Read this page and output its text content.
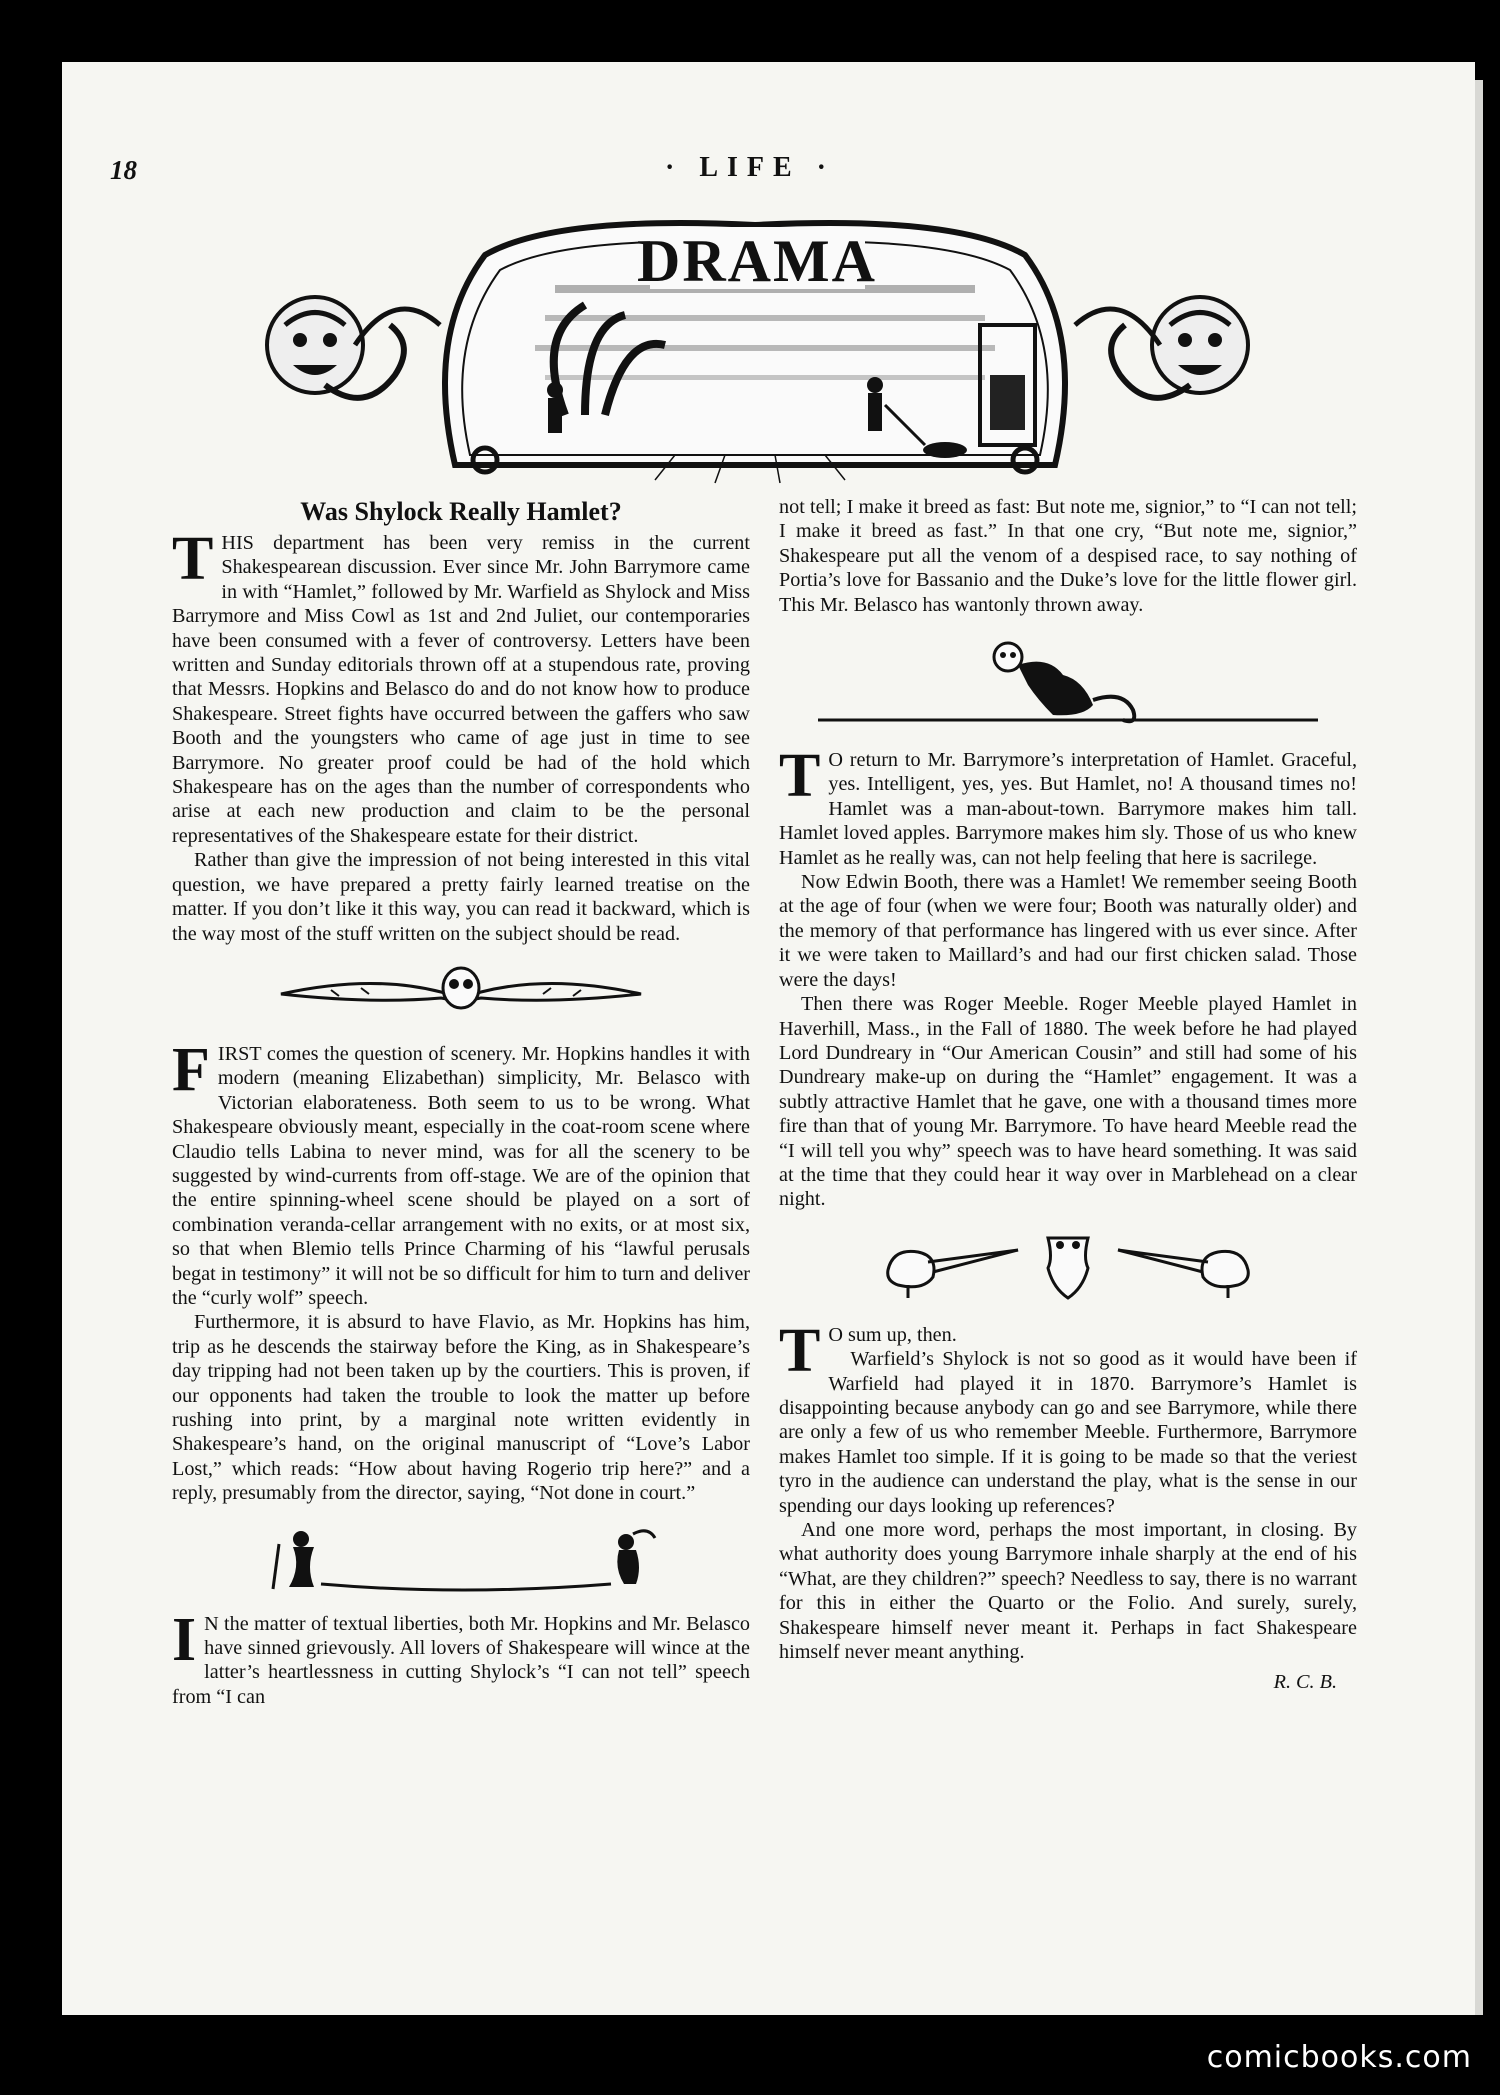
18	· LIFE ·
DRAMA
Was Shylock Really Hamlet?

THIS department has been very remiss in the current Shakespearean discussion. Ever since Mr. John Barrymore came in with “Hamlet,” followed by Mr. Warfield as Shylock and Miss Barrymore and Miss Cowl as 1st and 2nd Juliet, our contemporaries have been consumed with a fever of controversy. Letters have been written and Sunday editorials thrown off at a stupendous rate, proving that Messrs. Hopkins and Belasco do and do not know how to produce Shakespeare. Street fights have occurred between the gaffers who saw Booth and the youngsters who came of age just in time to see Barrymore. No greater proof could be had of the hold which Shakespeare has on the ages than the number of correspondents who arise at each new production and claim to be the personal representatives of the Shakespeare estate for their district.

Rather than give the impression of not being interested in this vital question, we have prepared a pretty fairly learned treatise on the matter. If you don’t like it this way, you can read it backward, which is the way most of the stuff written on the subject should be read.

FIRST comes the question of scenery. Mr. Hopkins handles it with modern (meaning Elizabethan) simplicity, Mr. Belasco with Victorian elaborateness. Both seem to us to be wrong. What Shakespeare obviously meant, especially in the coat-room scene where Claudio tells Labina to never mind, was for all the scenery to be suggested by wind-currents from off-stage. We are of the opinion that the entire spinning-wheel scene should be played on a sort of combination veranda-cellar arrangement with no exits, or at most six, so that when Blemio tells Prince Charming of his “lawful perusals begat in testimony” it will not be so difficult for him to turn and deliver the “curly wolf” speech.

Furthermore, it is absurd to have Flavio, as Mr. Hopkins has him, trip as he descends the stairway before the King, as in Shakespeare’s day tripping had not been taken up by the courtiers. This is proven, if our opponents had taken the trouble to look the matter up before rushing into print, by a marginal note written evidently in Shakespeare’s hand, on the original manuscript of “Love’s Labor Lost,” which reads: “How about having Rogerio trip here?” and a reply, presumably from the director, saying, “Not done in court.”

I N the matter of textual liberties, both Mr. Hopkins and Mr. Belasco have sinned grievously. All lovers of Shakespeare will wince at the latter’s heartlessness in cutting Shylock’s “I can not tell” speech from “I can

not tell; I make it breed as fast: But note me, signior,” to “I can not tell; I make it breed as fast.” In that one cry, “But note me, signior,” Shakespeare put all the venom of a despised race, to say nothing of Portia’s love for Bassanio and the Duke’s love for the little flower girl. This Mr. Belasco has wantonly thrown away.

T O return to Mr. Barrymore’s interpretation of Hamlet. Graceful, yes. Intelligent, yes, yes. But Hamlet, no! A thousand times no! Hamlet was a man-about-town. Barrymore makes him tall. Hamlet loved apples. Barrymore makes him sly. Those of us who knew Hamlet as he really was, can not help feeling that here is sacrilege.

Now Edwin Booth, there was a Hamlet! We remember seeing Booth at the age of four (when we were four; Booth was naturally older) and the memory of that performance has lingered with us ever since. After it we were taken to Maillard’s and had our first chicken salad. Those were the days!

Then there was Roger Meeble. Roger Meeble played Hamlet in Haverhill, Mass., in the Fall of 1880. The week before he had played Lord Dundreary in “Our American Cousin” and still had some of his Dundreary make-up on during the “Hamlet” engagement. It was a subtly attractive Hamlet that he gave, one with a thousand times more fire than that of young Mr. Barrymore. To have heard Meeble read the “I will tell you why” speech was to have heard something. It was said at the time that they could hear it way over in Marblehead on a clear night.

T O sum up, then.

Warfield’s Shylock is not so good as it would have been if Warfield had played it in 1870. Barrymore’s Hamlet is disappointing because anybody can go and see Barrymore, while there are only a few of us who remember Meeble. Furthermore, Barrymore makes Hamlet too simple. If it is going to be made so that the veriest tyro in the audience can understand the play, what is the sense in our spending our days looking up references?

And one more word, perhaps the most important, in closing. By what authority does young Barrymore inhale sharply at the end of his “What, are they children?” speech? Needless to say, there is no warrant for this in either the Quarto or the Folio. And surely, surely, Shakespeare himself never meant it. Perhaps in fact Shakespeare himself never meant anything.

R. C. B.
comicbooks.com
